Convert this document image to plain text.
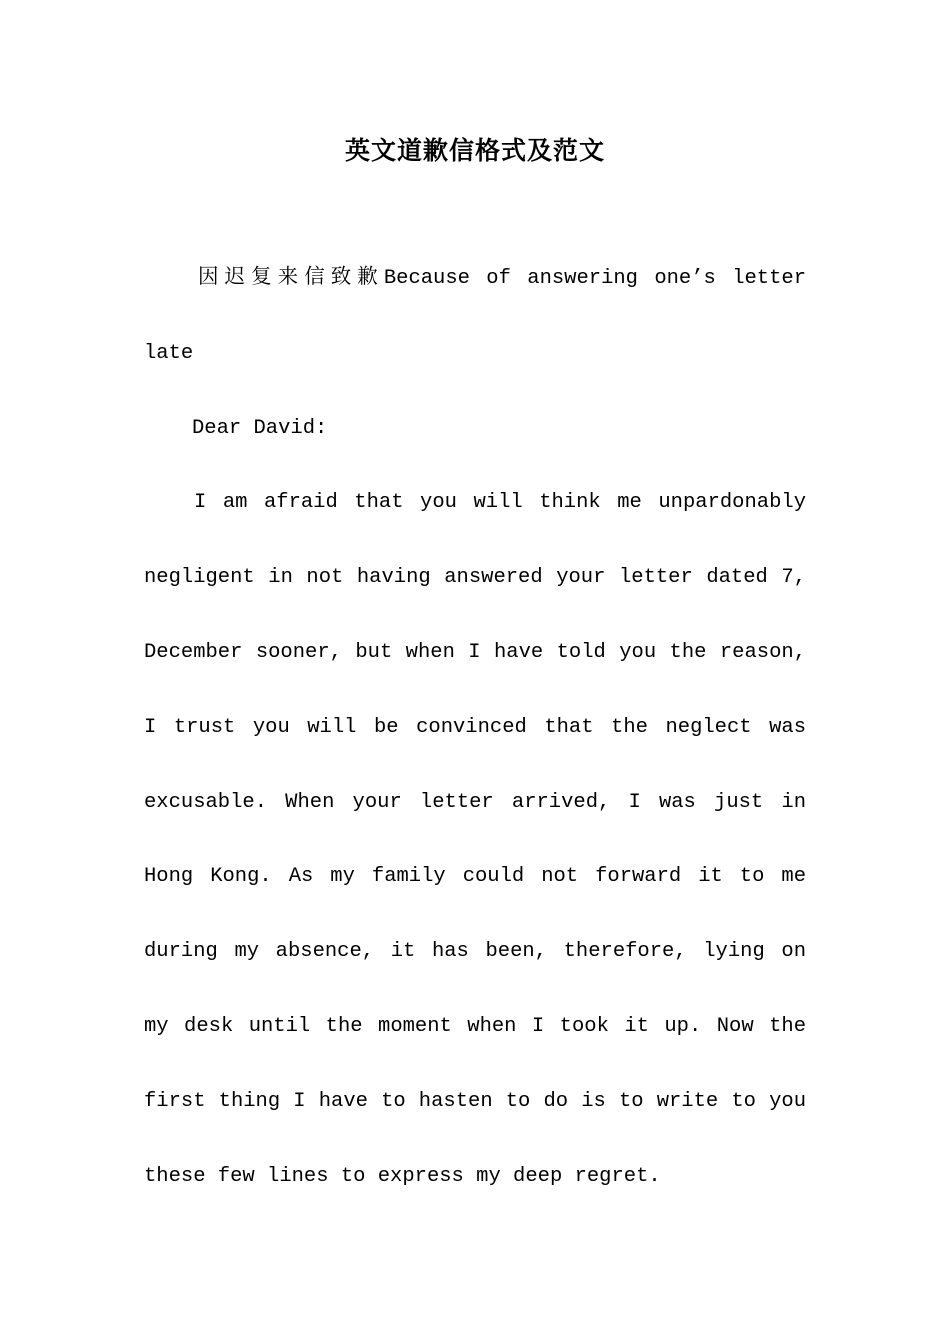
英文道歉信格式及范文

因迟复来信致歉Because of answering one’s letter late

Dear David:

I am afraid that you will think me unpardonably negligent in not having answered your letter dated 7, December sooner, but when I have told you the reason, I trust you will be convinced that the neglect was excusable. When your letter arrived, I was just in Hong Kong. As my family could not forward it to me during my absence, it has been, therefore, lying on my desk until the moment when I took it up. Now the first thing I have to hasten to do is to write to you these few lines to express my deep regret.
